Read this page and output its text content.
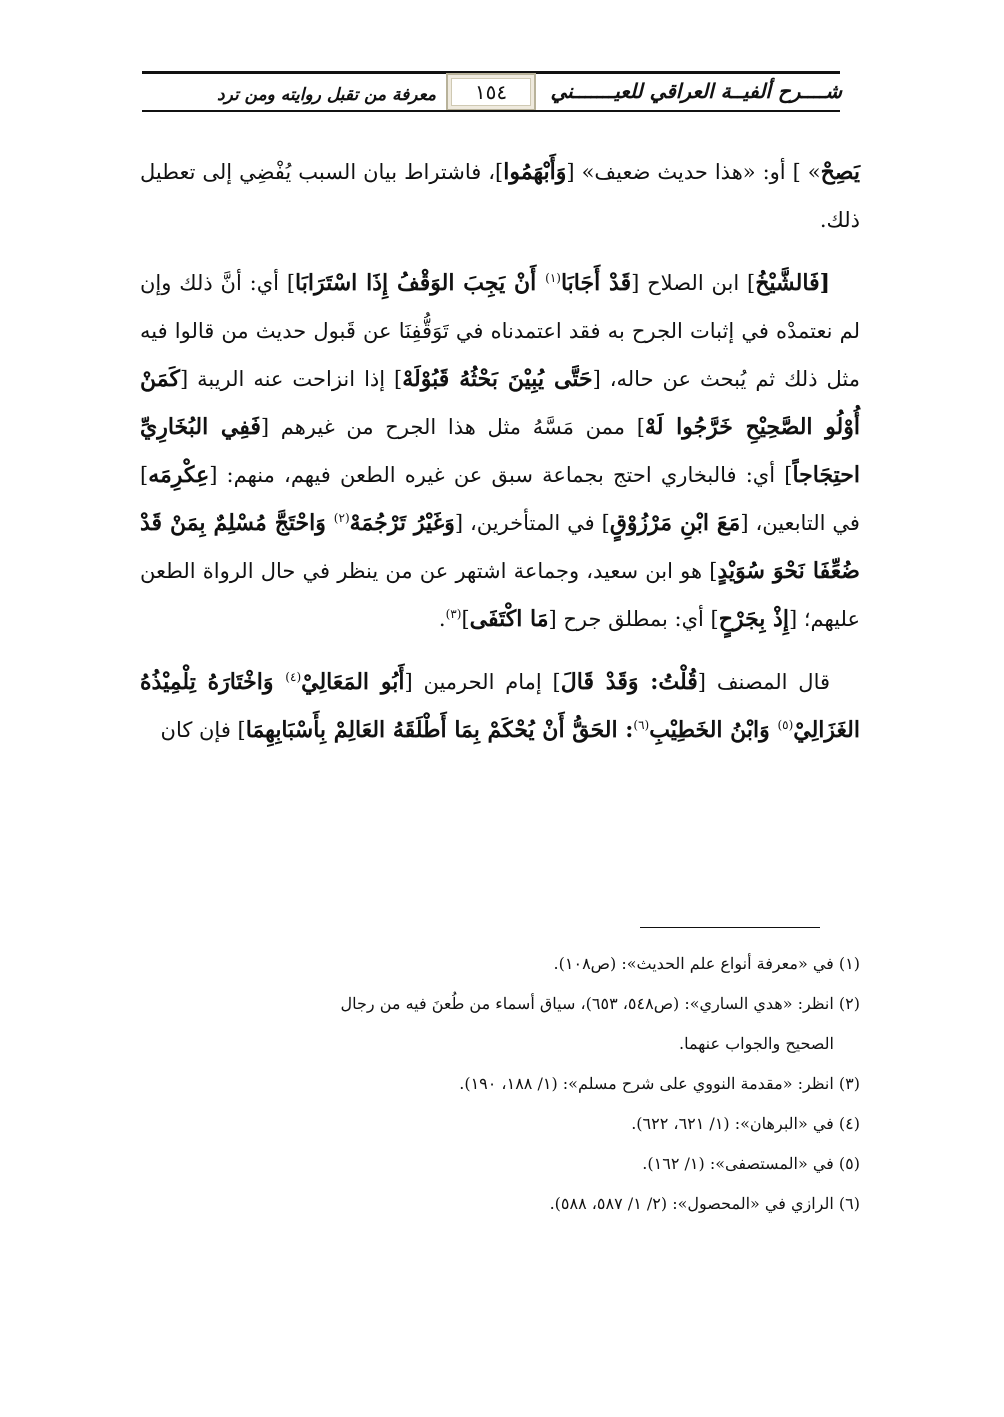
شــــرح ألفيــة العراقي للعيـــــــني
١٥٤
معرفة من تقبل روايته ومن ترد

يَصِحْ» ] أو: «هذا حديث ضعيف» [وَأَبْهَمُوا]، فاشتراط بيان السبب يُفْضِي إلى تعطيل ذلك.

[فَالشَّيْخُ] ابن الصلاح [قَدْ أَجَابَا$^{(١)}$ أَنْ يَجِبَ الوَقْفُ إِذَا اسْتَرَابَا] أي: أنَّ ذلك وإن لم نعتمدْه في إثبات الجرح به فقد اعتمدناه في تَوَقُّفِنَا عن قَبول حديث من قالوا فيه مثل ذلك ثم يُبحث عن حاله، [حَتَّى يُبِيْنَ بَحْثُهُ قَبُوْلَهْ] إذا انزاحت عنه الريبة [كَمَنْ أُوْلُو الصَّحِيْحِ خَرَّجُوا لَهْ] ممن مَسَّهُ مثل هذا الجرح من غيرهم [فَفِي البُخَارِيِّ احتِجَاجاً] أي: فالبخاري احتج بجماعة سبق عن غيره الطعن فيهم، منهم: [عِكْرِمَه] في التابعين، [مَعَ ابْنِ مَرْزُوْقٍ] في المتأخرين، [وَغَيْرُ تَرْجُمَهْ$^{(٢)}$ وَاحْتَجَّ مُسْلِمٌ بِمَنْ قَدْ ضُعِّفَا نَحْوَ سُوَيْدٍ] هو ابن سعيد، وجماعة اشتهر عن من ينظر في حال الرواة الطعن عليهم؛ [إِذْ بِجَرْحٍ] أي: بمطلق جرح [مَا اكْتَفَى]$^{(٣)}$.

قال المصنف [قُلْتُ: وَقَدْ قَالَ] إمام الحرمين [أَبُو المَعَالِيْ$^{(٤)}$ وَاخْتَارَهُ تِلْمِيْذُهُ الغَزَالِيْ$^{(٥)}$ وَابْنُ الخَطِيْبِ$^{(٦)}$: الحَقُّ أَنْ يُحْكَمْ بِمَا أَطْلَقَهُ العَالِمْ بِأَسْبَابِهِمَا] فإن كان

(١) في «معرفة أنواع علم الحديث»: (ص١٠٨).

(٢) انظر: «هدي الساري»: (ص٥٤٨، ٦٥٣)، سياق أسماء من طُعنَ فيه من رجال
الصحيح والجواب عنهما.

(٣) انظر: «مقدمة النووي على شرح مسلم»: (١/ ١٨٨، ١٩٠).

(٤) في «البرهان»: (١/ ٦٢١، ٦٢٢).

(٥) في «المستصفى»: (١/ ١٦٢).

(٦) الرازي في «المحصول»: (٢/ ١/ ٥٨٧، ٥٨٨).
